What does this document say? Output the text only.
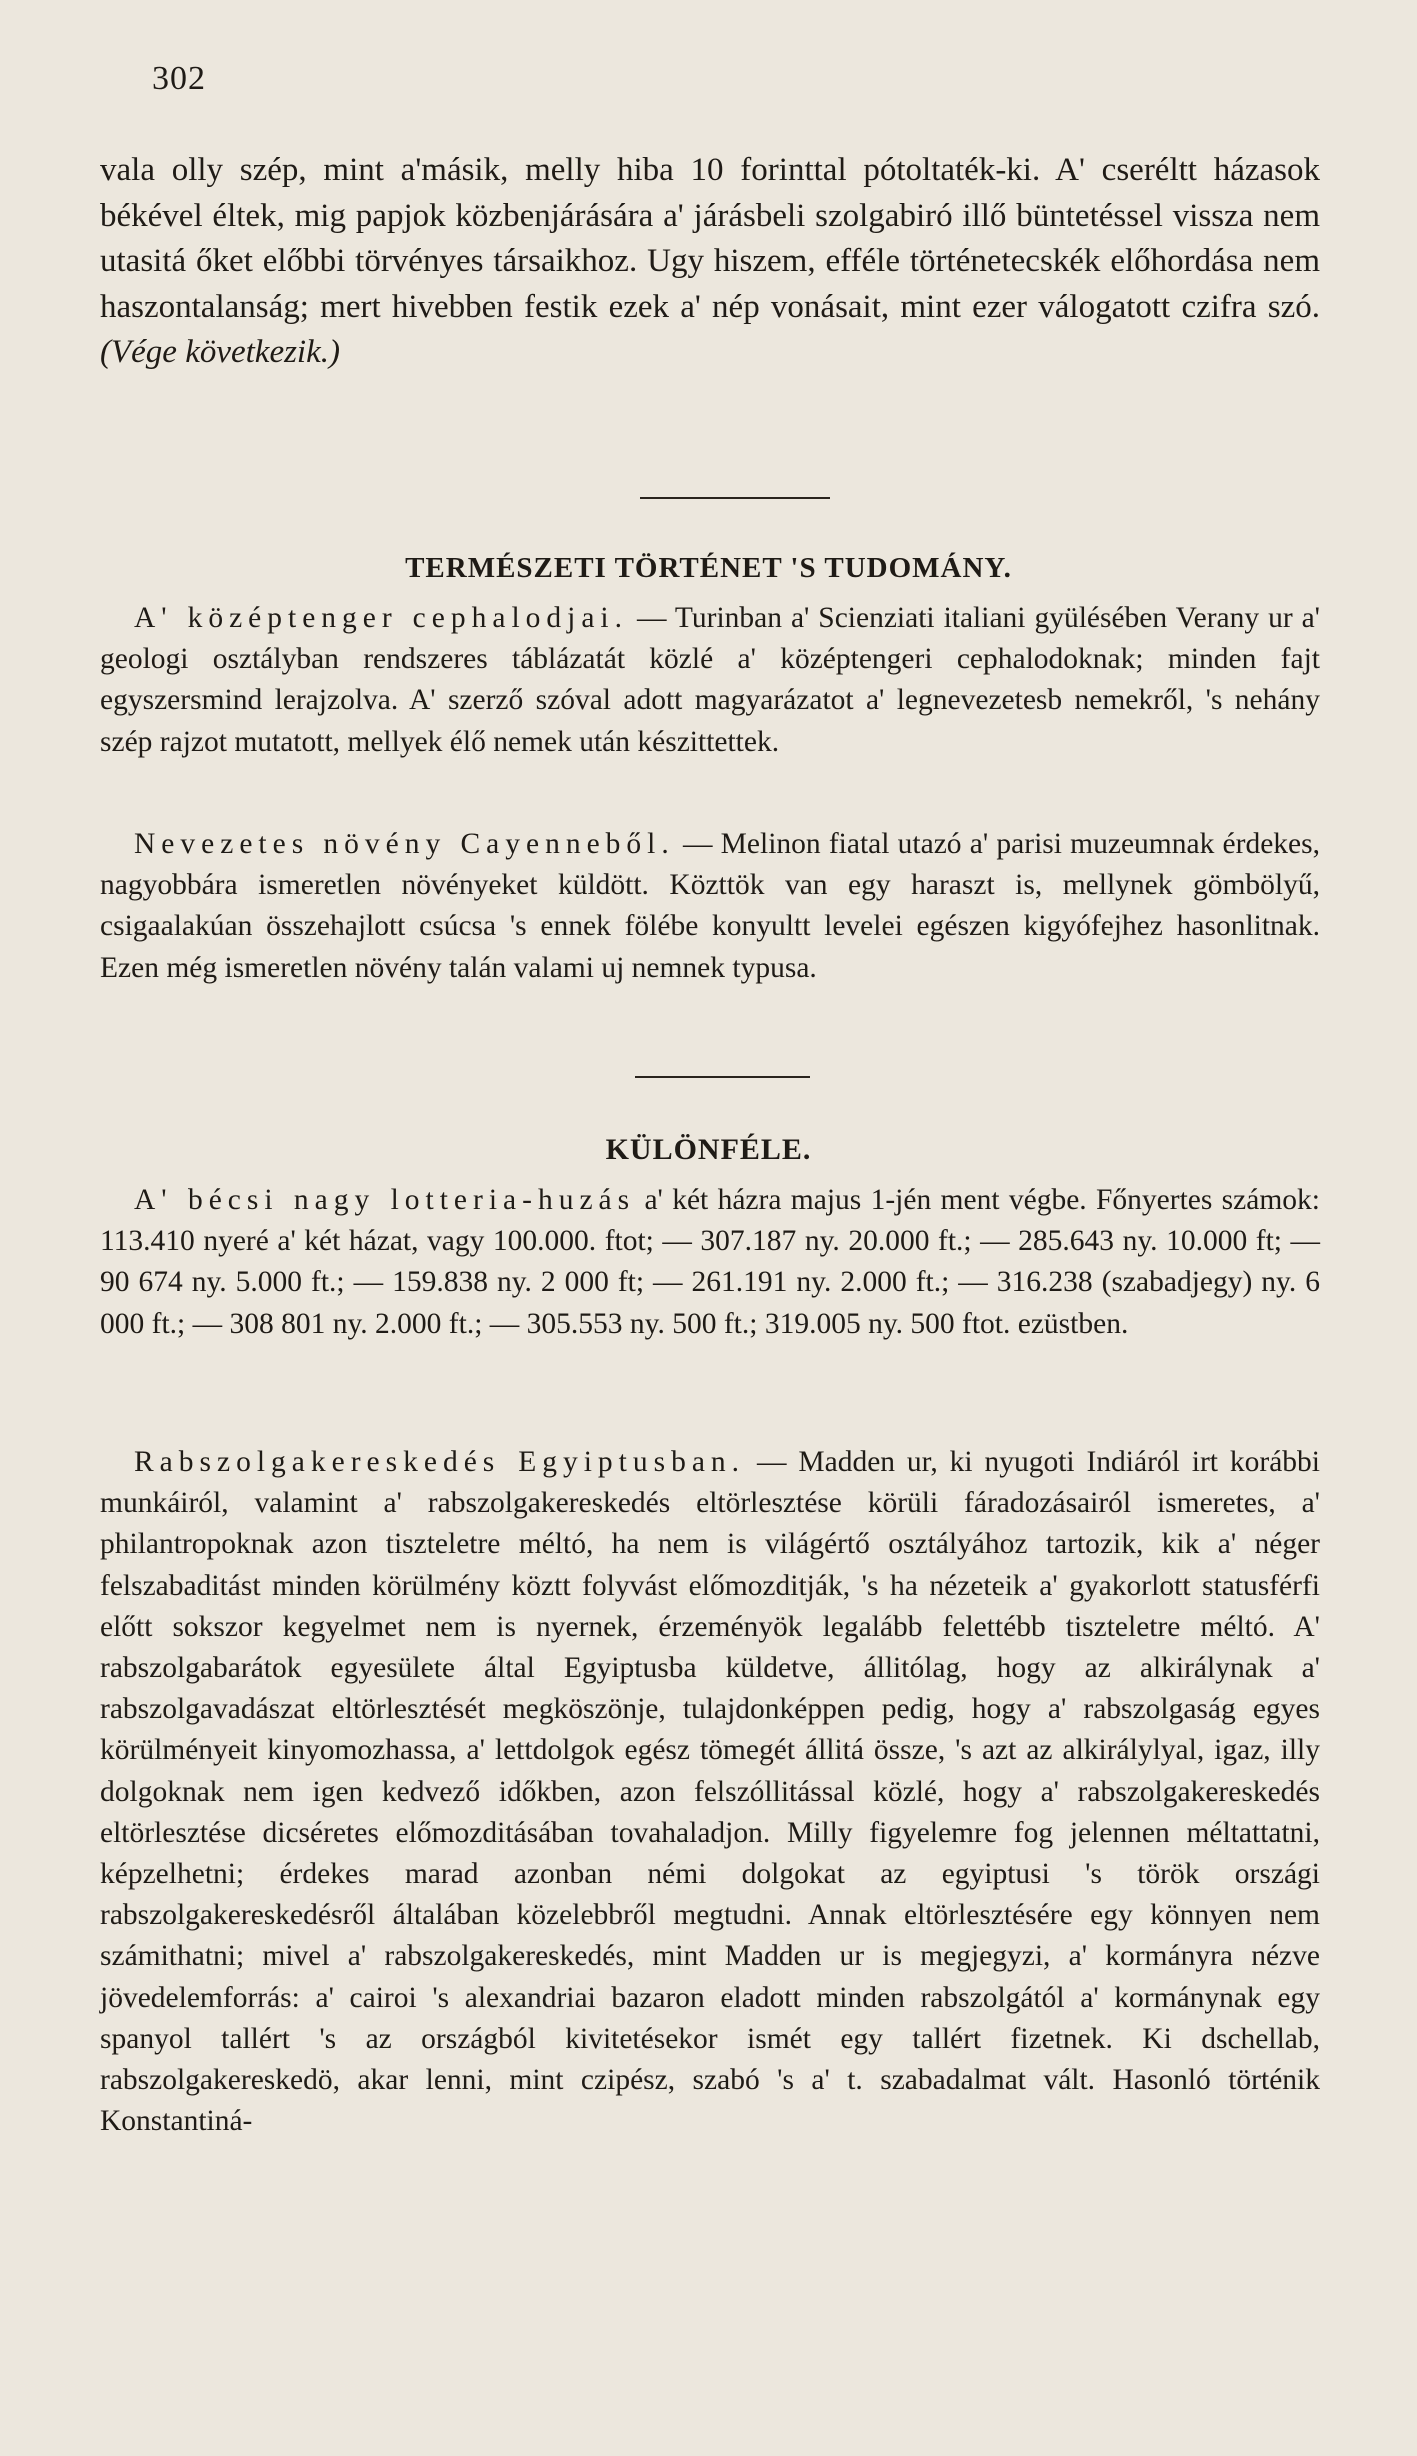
302

vala olly szép, mint a'másik, melly hiba 10 forinttal pótoltaték-ki. A' cseréltt házasok békével éltek, mig papjok közbenjárására a' járásbeli szolgabiró illő büntetéssel vissza nem utasitá őket előbbi törvényes társaikhoz. Ugy hiszem, efféle történetecskék előhordása nem haszontalanság; mert hivebben festik ezek a' nép vonásait, mint ezer válogatott czifra szó. (Vége következik.)

TERMÉSZETI TÖRTÉNET 'S TUDOMÁNY.

A' középtenger cephalodjai. — Turinban a' Scienziati italiani gyülésében Verany ur a' geologi osztályban rendszeres táblázatát közlé a' középtengeri cephalodoknak; minden fajt egyszersmind lerajzolva. A' szerző szóval adott magyarázatot a' legnevezetesb nemekről, 's nehány szép rajzot mutatott, mellyek élő nemek után készittettek.

Nevezetes növény Cayenneből. — Melinon fiatal utazó a' parisi muzeumnak érdekes, nagyobbára ismeretlen növényeket küldött. Közttök van egy haraszt is, mellynek gömbölyű, csigaalakúan összehajlott csúcsa 's ennek fölébe konyultt levelei egészen kigyófejhez hasonlitnak. Ezen még ismeretlen növény talán valami uj nemnek typusa.

KÜLÖNFÉLE.

A' bécsi nagy lotteria-huzás a' két házra majus 1-jén ment végbe. Főnyertes számok: 113.410 nyeré a' két házat, vagy 100.000. ftot; — 307.187 ny. 20.000 ft.; — 285.643 ny. 10.000 ft; — 90 674 ny. 5.000 ft.; — 159.838 ny. 2 000 ft; — 261.191 ny. 2.000 ft.; — 316.238 (szabadjegy) ny. 6 000 ft.; — 308 801 ny. 2.000 ft.; — 305.553 ny. 500 ft.; 319.005 ny. 500 ftot. ezüstben.

Rabszolgakereskedés Egyiptusban. — Madden ur, ki nyugoti Indiáról irt korábbi munkáiról, valamint a' rabszolgakereskedés eltörlesztése körüli fáradozásairól ismeretes, a' philantropoknak azon tiszteletre méltó, ha nem is világértő osztályához tartozik, kik a' néger felszabaditást minden körülmény köztt folyvást előmozditják, 's ha nézeteik a' gyakorlott statusférfi előtt sokszor kegyelmet nem is nyernek, érzeményök legalább felettébb tiszteletre méltó. A' rabszolgabarátok egyesülete által Egyiptusba küldetve, állitólag, hogy az alkirálynak a' rabszolgavadászat eltörlesztését megköszönje, tulajdonképpen pedig, hogy a' rabszolgaság egyes körülményeit kinyomozhassa, a' lettdolgok egész tömegét állitá össze, 's azt az alkirálylyal, igaz, illy dolgoknak nem igen kedvező időkben, azon felszóllitással közlé, hogy a' rabszolgakereskedés eltörlesztése dicséretes előmozditásában tovahaladjon. Milly figyelemre fog jelennen méltattatni, képzelhetni; érdekes marad azonban némi dolgokat az egyiptusi 's török országi rabszolgakereskedésről általában közelebbről megtudni. Annak eltörlesztésére egy könnyen nem számithatni; mivel a' rabszolgakereskedés, mint Madden ur is megjegyzi, a' kormányra nézve jövedelemforrás: a' cairoi 's alexandriai bazaron eladott minden rabszolgától a' kormánynak egy spanyol tallért 's az országból kivitetésekor ismét egy tallért fizetnek. Ki dschellab, rabszolgakereskedö, akar lenni, mint czipész, szabó 's a' t. szabadalmat vált. Hasonló történik Konstantiná-
